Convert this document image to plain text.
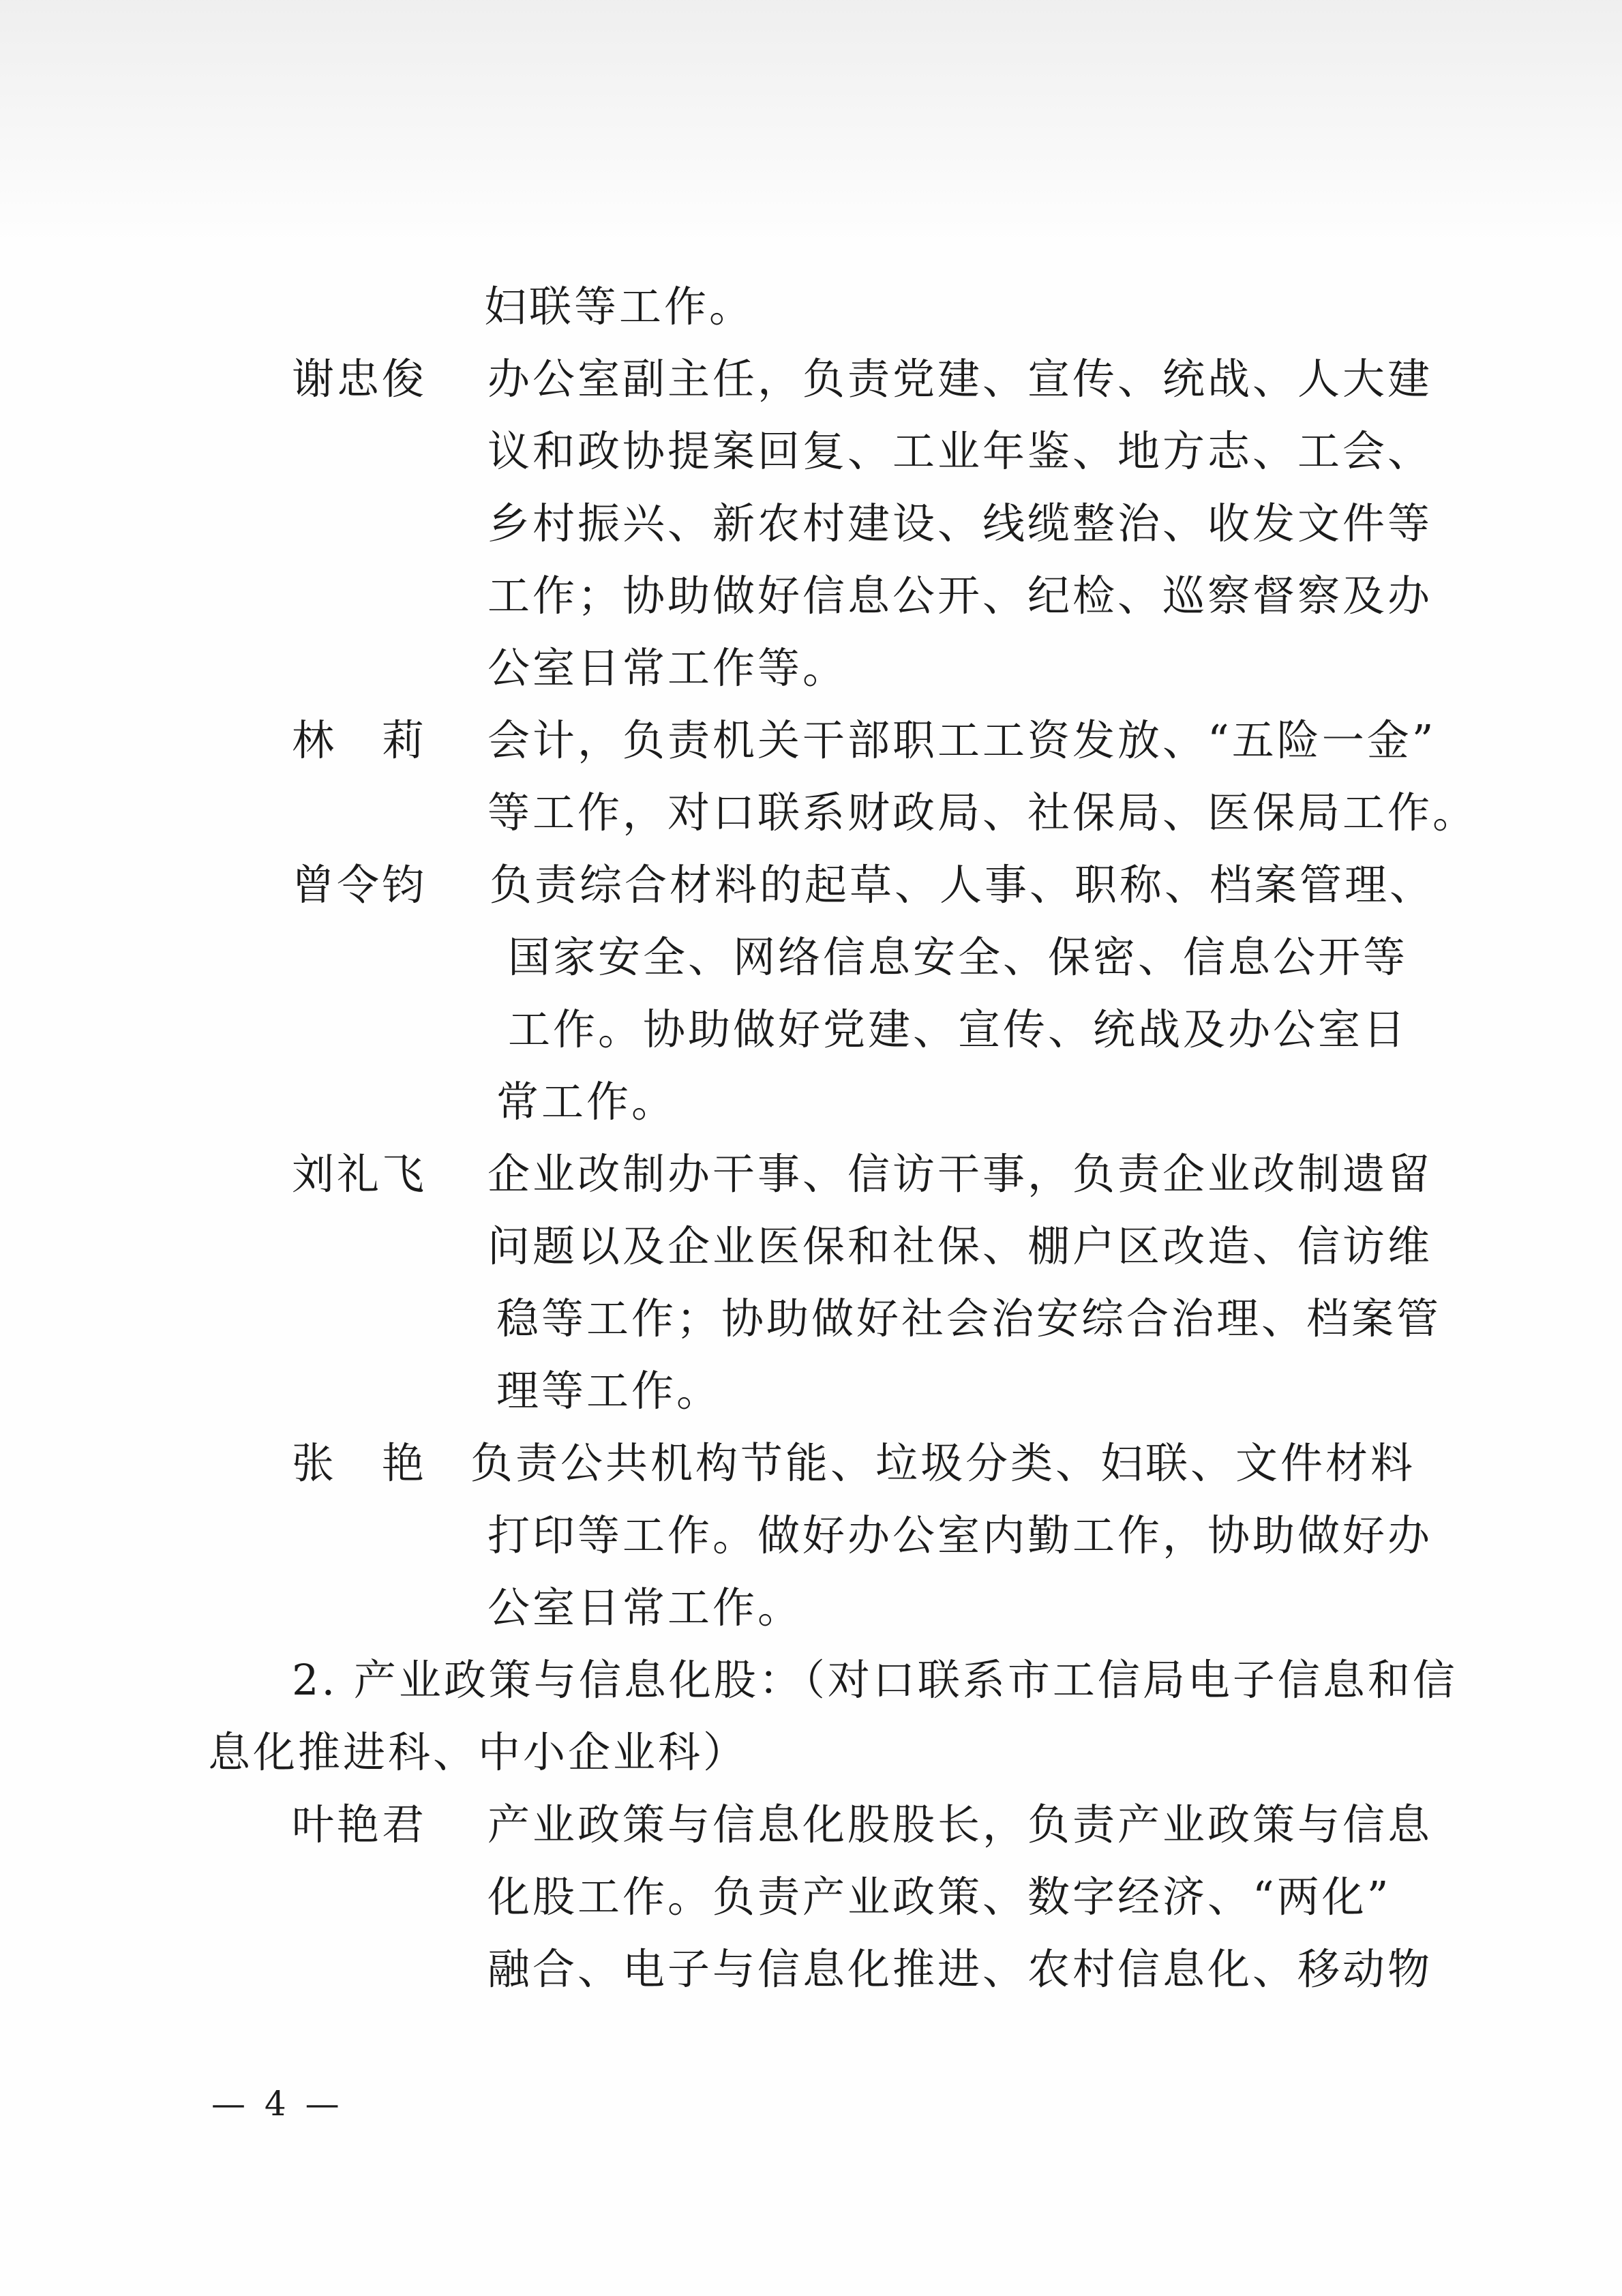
妇联等工作。
谢忠俊 办公室副主任，负责党建、宣传、统战、人大建
议和政协提案回复、工业年鉴、地方志、工会、
乡村振兴、新农村建设、线缆整治、收发文件等
工作；协助做好信息公开、纪检、巡察督察及办
公室日常工作等。
林　莉 会计，负责机关干部职工工资发放、“五险一金”
等工作，对口联系财政局、社保局、医保局工作。
曾令钧 负责综合材料的起草、人事、职称、档案管理、
国家安全、网络信息安全、保密、信息公开等
工作。协助做好党建、宣传、统战及办公室日
常工作。
刘礼飞 企业改制办干事、信访干事，负责企业改制遗留
问题以及企业医保和社保、棚户区改造、信访维
稳等工作；协助做好社会治安综合治理、档案管
理等工作。
张　艳 负责公共机构节能、垃圾分类、妇联、文件材料
打印等工作。做好办公室内勤工作，协助做好办
公室日常工作。
2. 产业政策与信息化股：（对口联系市工信局电子信息和信
息化推进科、中小企业科）
叶艳君 产业政策与信息化股股长，负责产业政策与信息
化股工作。负责产业政策、数字经济、“两化”
融合、电子与信息化推进、农村信息化、移动物
— 4 —
